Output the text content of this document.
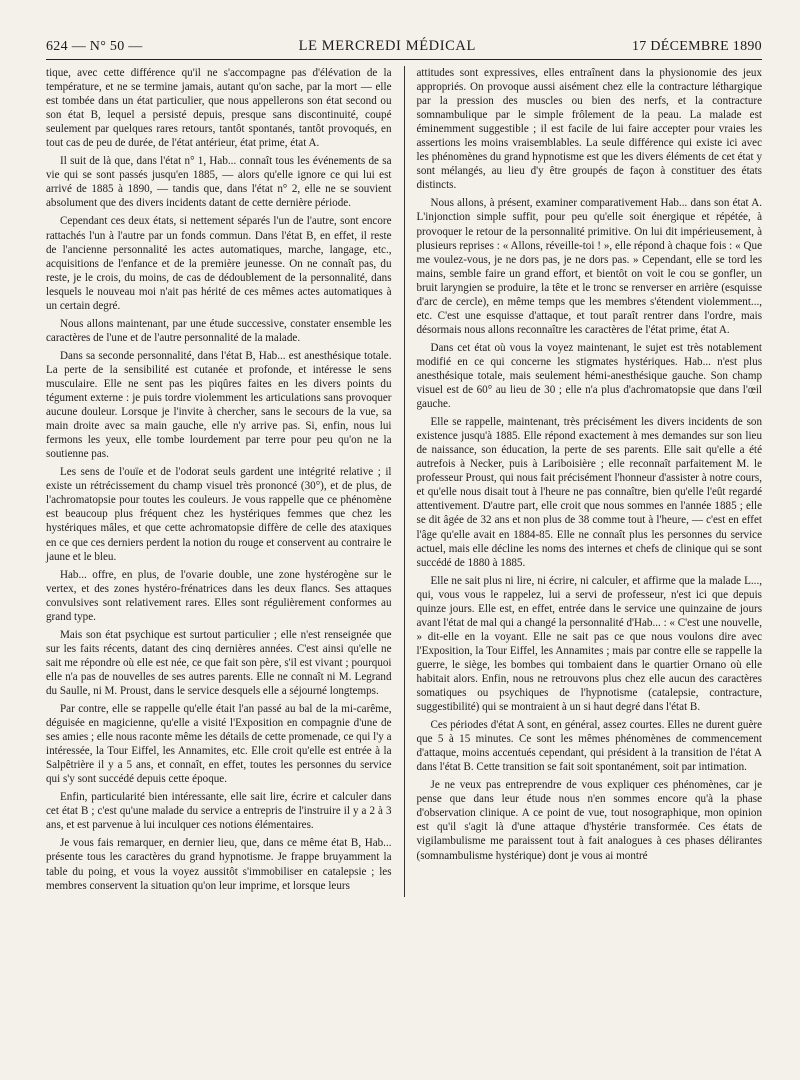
624 — N° 50 —	LE MERCREDI MÉDICAL	17 DÉCEMBRE 1890

tique, avec cette différence qu'il ne s'accompagne pas d'élévation de la température, et ne se termine jamais, autant qu'on sache, par la mort — elle est tombée dans un état particulier, que nous appellerons son état second ou son état B, lequel a persisté depuis, presque sans discontinuité, coupé seulement par quelques rares retours, tantôt spontanés, tantôt provoqués, en tout cas de peu de durée, de l'état antérieur, état prime, état A.

Il suit de là que, dans l'état n° 1, Hab... connaît tous les événements de sa vie qui se sont passés jusqu'en 1885, — alors qu'elle ignore ce qui lui est arrivé de 1885 à 1890, — tandis que, dans l'état n° 2, elle ne se souvient absolument que des divers incidents datant de cette dernière période.

Cependant ces deux états, si nettement séparés l'un de l'autre, sont encore rattachés l'un à l'autre par un fonds commun. Dans l'état B, en effet, il reste de l'ancienne personnalité les actes automatiques, marche, langage, etc., acquisitions de l'enfance et de la première jeunesse. On ne connaît pas, du reste, je le crois, du moins, de cas de dédoublement de la personnalité, dans lesquels le nouveau moi n'ait pas hérité de ces mêmes actes automatiques à un certain degré.

Nous allons maintenant, par une étude successive, constater ensemble les caractères de l'une et de l'autre personnalité de la malade.

Dans sa seconde personnalité, dans l'état B, Hab... est anesthésique totale. La perte de la sensibilité est cutanée et profonde, et intéresse le sens musculaire. Elle ne sent pas les piqûres faites en les divers points du tégument externe : je puis tordre violemment les articulations sans provoquer aucune douleur. Lorsque je l'invite à chercher, sans le secours de la vue, sa main droite avec sa main gauche, elle n'y arrive pas. Si, enfin, nous lui fermons les yeux, elle tombe lourdement par terre pour peu qu'on ne la soutienne pas.

Les sens de l'ouïe et de l'odorat seuls gardent une intégrité relative ; il existe un rétrécissement du champ visuel très prononcé (30°), et de plus, de l'achromatopsie pour toutes les couleurs. Je vous rappelle que ce phénomène est beaucoup plus fréquent chez les hystériques femmes que chez les hystériques mâles, et que cette achromatopsie diffère de celle des ataxiques en ce que ces derniers perdent la notion du rouge et conservent au contraire le jaune et le bleu.

Hab... offre, en plus, de l'ovarie double, une zone hystérogène sur le vertex, et des zones hystéro-frénatrices dans les deux flancs. Ses attaques convulsives sont relativement rares. Elles sont régulièrement conformes au grand type.

Mais son état psychique est surtout particulier ; elle n'est renseignée que sur les faits récents, datant des cinq dernières années. C'est ainsi qu'elle ne sait me répondre où elle est née, ce que fait son père, s'il est vivant ; pourquoi elle n'a pas de nouvelles de ses autres parents. Elle ne connaît ni M. Legrand du Saulle, ni M. Proust, dans le service desquels elle a séjourné longtemps.

Par contre, elle se rappelle qu'elle était l'an passé au bal de la mi-carême, déguisée en magicienne, qu'elle a visité l'Exposition en compagnie d'une de ses amies ; elle nous raconte même les détails de cette promenade, ce qui l'y a intéressée, la Tour Eiffel, les Annamites, etc. Elle croit qu'elle est entrée à la Salpêtrière il y a 5 ans, et connaît, en effet, toutes les personnes du service qui s'y sont succédé depuis cette époque.

Enfin, particularité bien intéressante, elle sait lire, écrire et calculer dans cet état B ; c'est qu'une malade du service a entrepris de l'instruire il y a 2 à 3 ans, et est parvenue à lui inculquer ces notions élémentaires.

Je vous fais remarquer, en dernier lieu, que, dans ce même état B, Hab... présente tous les caractères du grand hypnotisme. Je frappe bruyamment la table du poing, et vous la voyez aussitôt s'immobiliser en catalepsie ; les membres conservent la situation qu'on leur imprime, et lorsque leurs

attitudes sont expressives, elles entraînent dans la physionomie des jeux appropriés. On provoque aussi aisément chez elle la contracture léthargique par la pression des muscles ou bien des nerfs, et la contracture somnambulique par le simple frôlement de la peau. La malade est éminemment suggestible ; il est facile de lui faire accepter pour vraies les assertions les moins vraisemblables. La seule différence qui existe ici avec les phénomènes du grand hypnotisme est que les divers éléments de cet état y sont mélangés, au lieu d'y être groupés de façon à constituer des états distincts.

Nous allons, à présent, examiner comparativement Hab... dans son état A. L'injonction simple suffit, pour peu qu'elle soit énergique et répétée, à provoquer le retour de la personnalité primitive. On lui dit impérieusement, à plusieurs reprises : « Allons, réveille-toi ! », elle répond à chaque fois : « Que me voulez-vous, je ne dors pas, je ne dors pas. » Cependant, elle se tord les mains, semble faire un grand effort, et bientôt on voit le cou se gonfler, un bruit laryngien se produire, la tête et le tronc se renverser en arrière (esquisse d'arc de cercle), en même temps que les membres s'étendent violemment..., etc. C'est une esquisse d'attaque, et tout paraît rentrer dans l'ordre, mais désormais nous allons reconnaître les caractères de l'état prime, état A.

Dans cet état où vous la voyez maintenant, le sujet est très notablement modifié en ce qui concerne les stigmates hystériques. Hab... n'est plus anesthésique totale, mais seulement hémi-anesthésique gauche. Son champ visuel est de 60° au lieu de 30 ; elle n'a plus d'achromatopsie que dans l'œil gauche.

Elle se rappelle, maintenant, très précisément les divers incidents de son existence jusqu'à 1885. Elle répond exactement à mes demandes sur son lieu de naissance, son éducation, la perte de ses parents. Elle sait qu'elle a été autrefois à Necker, puis à Lariboisière ; elle reconnaît parfaitement M. le professeur Proust, qui nous fait précisément l'honneur d'assister à notre cours, et qu'elle nous disait tout à l'heure ne pas connaître, bien qu'elle l'eût regardé attentivement. D'autre part, elle croit que nous sommes en l'année 1885 ; elle se dit âgée de 32 ans et non plus de 38 comme tout à l'heure, — c'est en effet l'âge qu'elle avait en 1884-85. Elle ne connaît plus les personnes du service actuel, mais elle décline les noms des internes et chefs de clinique qui se sont succédé de 1880 à 1885.

Elle ne sait plus ni lire, ni écrire, ni calculer, et affirme que la malade L..., qui, vous vous le rappelez, lui a servi de professeur, n'est ici que depuis quinze jours. Elle est, en effet, entrée dans le service une quinzaine de jours avant l'état de mal qui a changé la personnalité d'Hab... : « C'est une nouvelle, » dit-elle en la voyant. Elle ne sait pas ce que nous voulons dire avec l'Exposition, la Tour Eiffel, les Annamites ; mais par contre elle se rappelle la guerre, le siège, les bombes qui tombaient dans le quartier Ornano où elle habitait alors. Enfin, nous ne retrouvons plus chez elle aucun des caractères somatiques ou psychiques de l'hypnotisme (catalepsie, contracture, suggestibilité) qui se montraient à un si haut degré dans l'état B.

Ces périodes d'état A sont, en général, assez courtes. Elles ne durent guère que 5 à 15 minutes. Ce sont les mêmes phénomènes de commencement d'attaque, moins accentués cependant, qui président à la transition de l'état A dans l'état B. Cette transition se fait soit spontanément, soit par intimation.

Je ne veux pas entreprendre de vous expliquer ces phénomènes, car je pense que dans leur étude nous n'en sommes encore qu'à la phase d'observation clinique. A ce point de vue, tout nosographique, mon opinion est qu'il s'agit là d'une attaque d'hystérie transformée. Ces états de vigilambulisme me paraissent tout à fait analogues à ces phases délirantes (somnambulisme hystérique) dont je vous ai montré
